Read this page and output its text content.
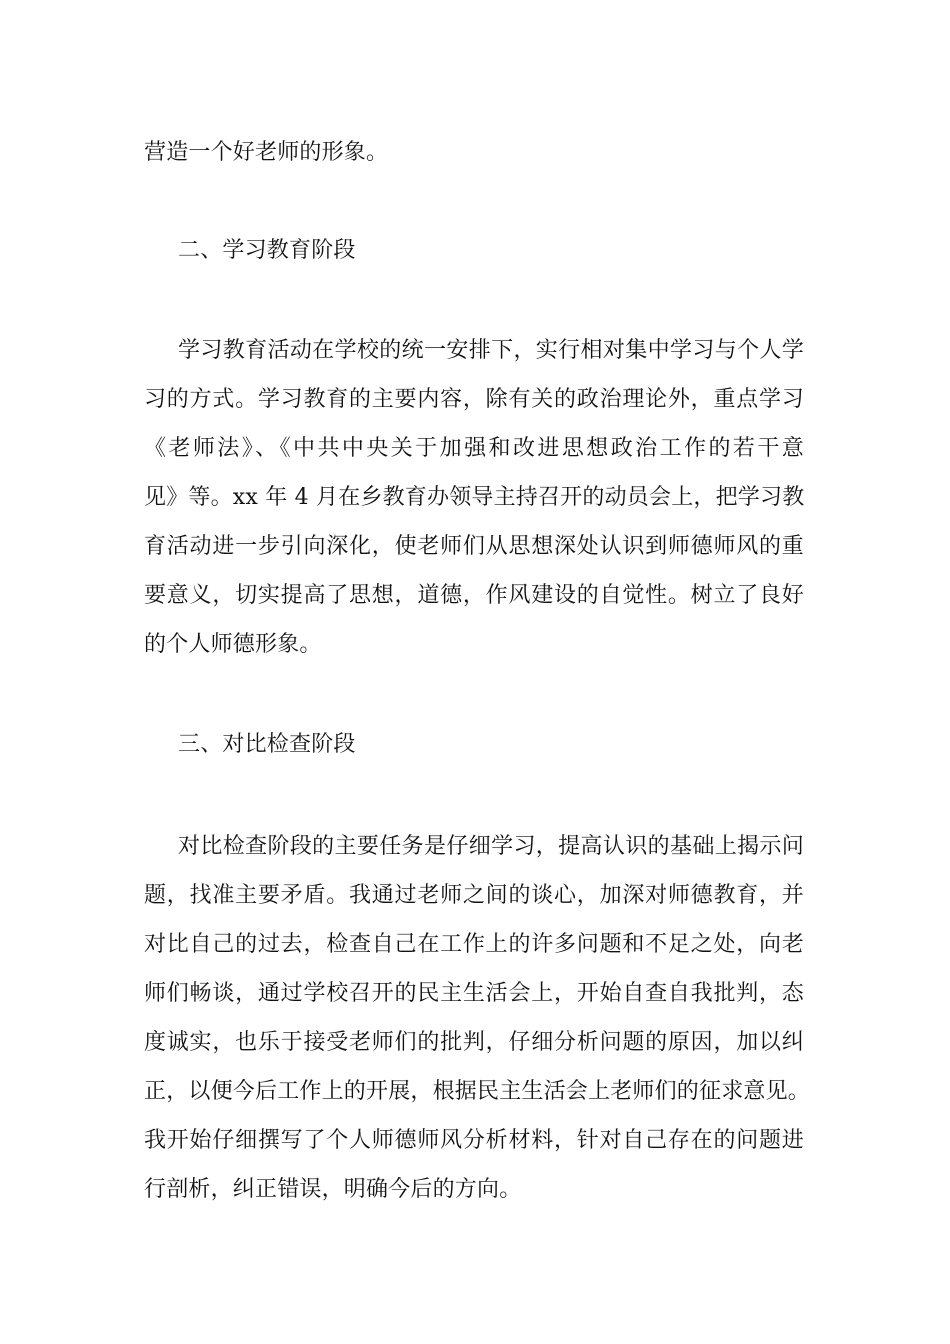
营造一个好老师的形象。
二、学习教育阶段
学习教育活动在学校的统一安排下，实行相对集中学习与个人学
习的方式。学习教育的主要内容，除有关的政治理论外，重点学习
《老师法》、《中共中央关于加强和改进思想政治工作的若干意
见》等。xx 年 4 月在乡教育办领导主持召开的动员会上，把学习教
育活动进一步引向深化，使老师们从思想深处认识到师德师风的重
要意义，切实提高了思想，道德，作风建设的自觉性。树立了良好
的个人师德形象。
三、对比检查阶段
对比检查阶段的主要任务是仔细学习，提高认识的基础上揭示问
题，找准主要矛盾。我通过老师之间的谈心，加深对师德教育，并
对比自己的过去，检查自己在工作上的许多问题和不足之处，向老
师们畅谈，通过学校召开的民主生活会上，开始自查自我批判，态
度诚实，也乐于接受老师们的批判，仔细分析问题的原因，加以纠
正，以便今后工作上的开展，根据民主生活会上老师们的征求意见。
我开始仔细撰写了个人师德师风分析材料，针对自己存在的问题进
行剖析，纠正错误，明确今后的方向。
